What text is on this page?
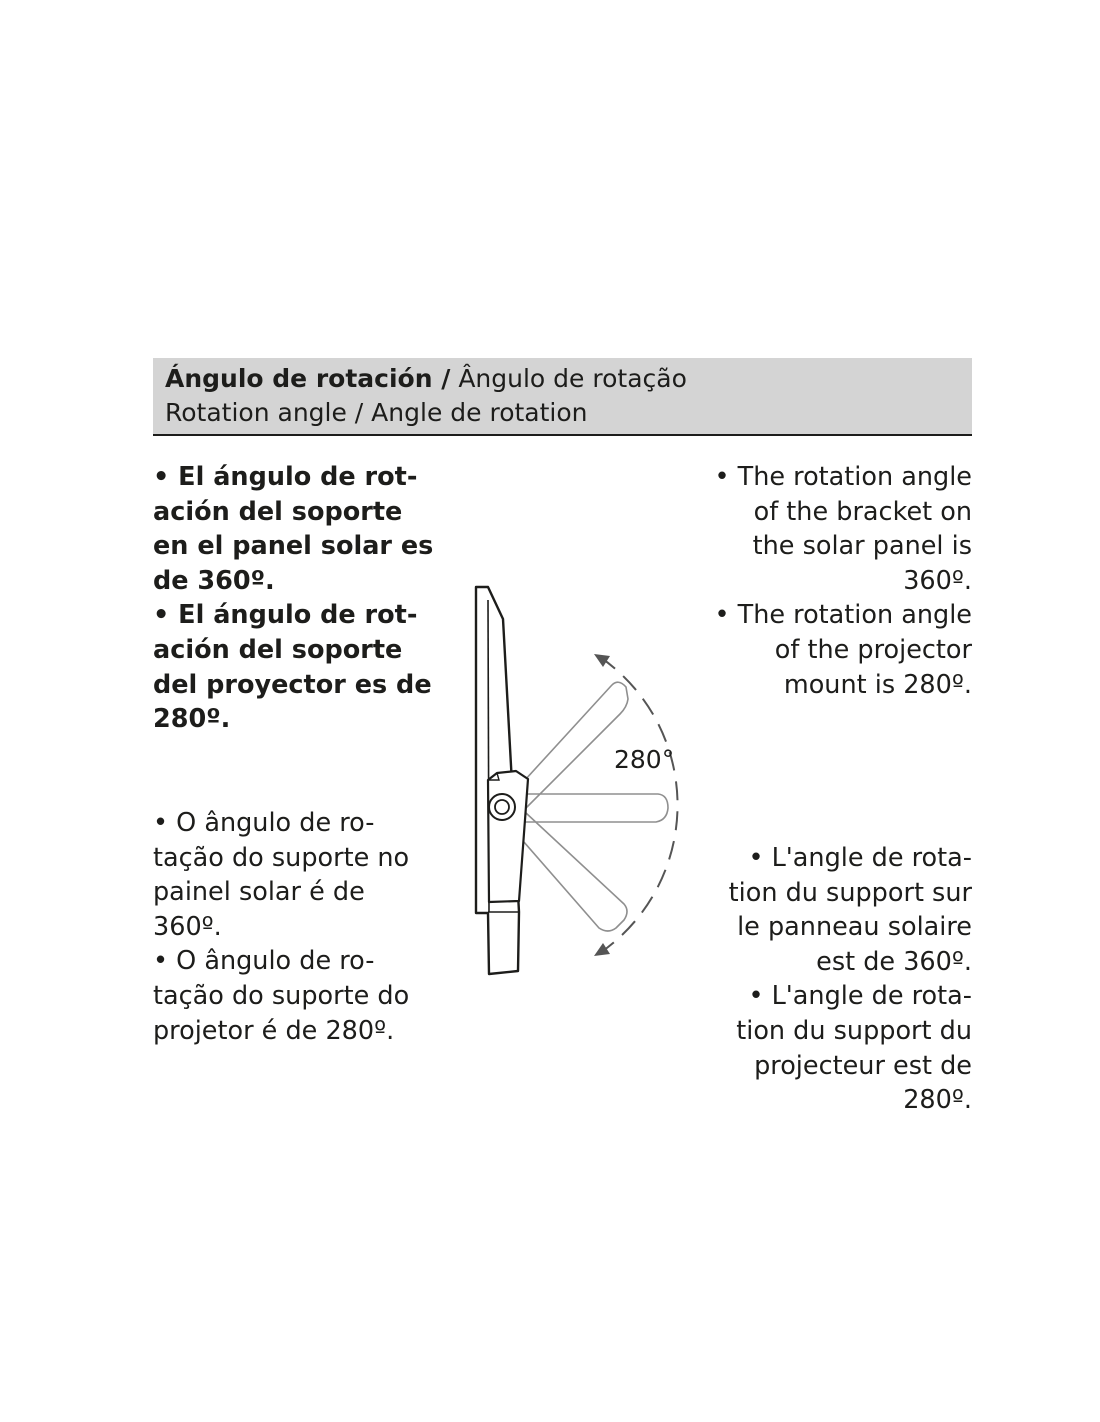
Ángulo de rotación / Ângulo de rotação
Rotation angle / Angle de rotation
• El ángulo de rot-
ación del soporte
en el panel solar es
de 360º.
• El ángulo de rot-
ación del soporte
del proyector es de
280º.
• O ângulo de ro-
tação do suporte no
painel solar é de
360º.
• O ângulo de ro-
tação do suporte do
projetor é de 280º.
• The rotation angle
of the bracket on
the solar panel is
360º.
• The rotation angle
of the projector
mount is 280º.
• L'angle de rota-
tion du support sur
le panneau solaire
est de 360º.
• L'angle de rota-
tion du support du
projecteur est de
280º.
280°
